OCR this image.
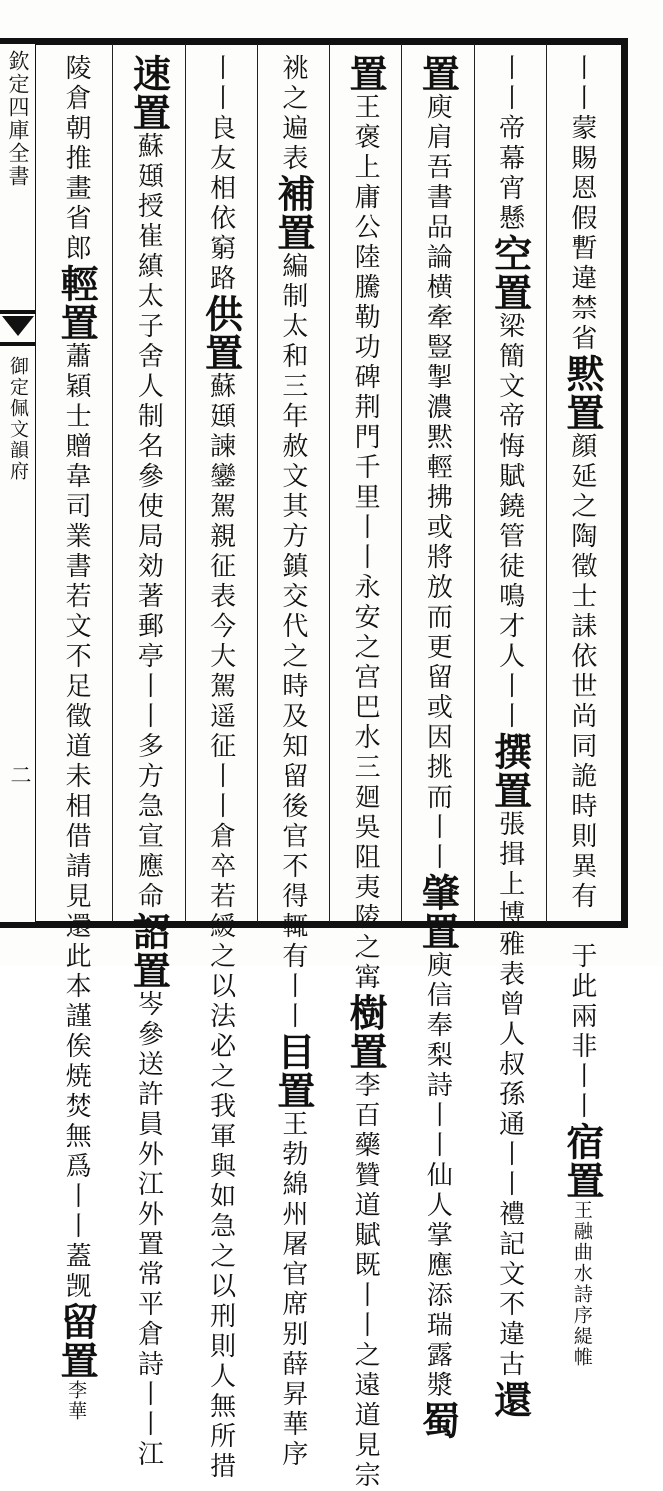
欽定四庫全書
御定佩文韻府
二
丨丨蒙賜恩假暫違禁省黙置顔延之陶徵士誄依世尚同詭時則異有一于此兩非丨丨宿置王融曲水詩序緹帷
丨丨帝幕宵懸空置梁簡文帝悔賦鐃管徒鳴才人丨丨撰置張揖上博雅表曾人叔孫通丨丨禮記文不違古還
置庾肩吾書品論横牽豎掣濃黙輕拂或將放而更留或因挑而丨丨肇置庾信奉梨詩丨丨仙人掌應添瑞露漿蜀
置王褒上庸公陸騰勒功碑荆門千里丨丨永安之宫巴水三廻吳阻夷陵之𡩋樹置李百藥贊道賦既丨丨之遠道見宗
祧之遍表補置編制太和三年赦文其方鎮交代之時及知留後官不得輒有丨丨目置王勃綿州屠官席别薛昇華序
丨丨良友相依窮路供置蘇頲諫鑾駕親征表今大駕遥征丨丨倉卒若緩之以法必之我軍與如急之以刑則人無所措
速置蘇頲授崔縝太子舍人制名參使局効著郵亭丨丨多方急宣應命詔置岑參送許員外江外置常平倉詩丨丨江
陵倉朝推畫省郎輕置蕭穎士贈韋司業書若文不足徵道未相借請見還此本謹俟焼焚無爲丨丨蓋觊留置李華
